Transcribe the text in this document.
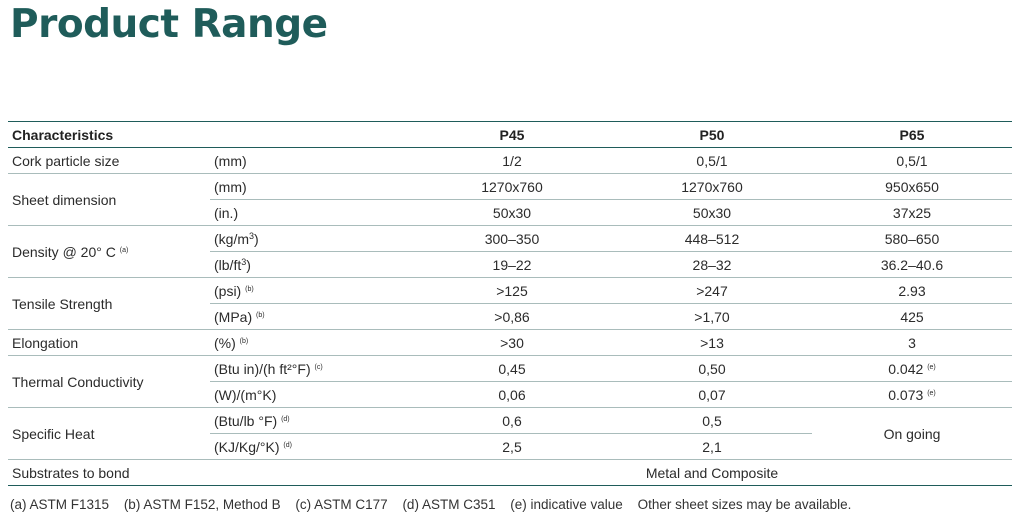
Product Range
Characteristics		P45	P50	P65
Cork particle size	(mm)	1/2	0,5/1	0,5/1
Sheet dimension	(mm)	1270x760	1270x760	950x650
	(in.)	50x30	50x30	37x25
Density @ 20° C $^{(a)}$	$(kg/m^3)$	300–350	448–512	580–650
	$(lb/ft^3)$	19–22	28–32	36.2–40.6
Tensile Strength	(psi) $^{(b)}$	>125	>247	2.93
	(MPa) $^{(b)}$	>0,86	>1,70	425
Elongation	(%) $^{(b)}$	>30	>13	3
Thermal Conductivity	(Btu in)/(h ft²°F) $^{(c)}$	0,45	0,50	0.042 $^{(e)}$
	(W)/(m°K)	0,06	0,07	0.073 $^{(e)}$
Specific Heat	(Btu/lb °F) $^{(d)}$	0,6	0,5	On going
	(KJ/Kg/°K) $^{(d)}$	2,5	2,1	
Substrates to bond		Metal and Composite		
(a) ASTM F1315 (b) ASTM F152, Method B (c) ASTM C177 (d) ASTM C351 (e) indicative value Other sheet sizes may be available.
